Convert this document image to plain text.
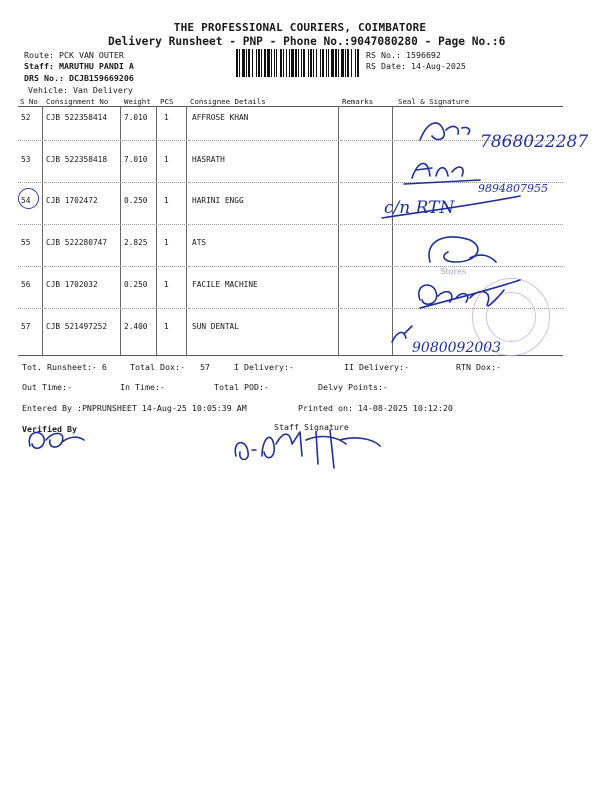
THE PROFESSIONAL COURIERS, COIMBATORE
Delivery Runsheet - PNP - Phone No.:9047080280 - Page No.:6
Route: PCK VAN OUTER
Staff: MARUTHU PANDI A
DRS No.: DCJB159669206
Vehicle: Van Delivery
RS No.: 1596692
RS Date: 14-Aug-2025
S No Consignment No Weight PCS Consignee Details	Remarks	Seal & Signature
52 CJB 522358414 7.010 1	AFFROSE KHAN
53 CJB 522358418 7.010 1	HASRATH
54 CJB 1702472	0.250 1	HARINI ENGG
55 CJB 522280747 2.825 1	ATS
56 CJB 1702032	0.250 1	FACILE MACHINE
57 CJB 521497252 2.400 1	SUN DENTAL
Tot. Runsheet:- 6	Total Dox:- 57	I Delivery:-	II Delivery:-	RTN Dox:-
Out Time:-	In Time:-	Total POD:-	Delvy Points:-
Entered By :PNPRUNSHEET 14-Aug-25 10:05:39 AM	Printed on: 14-08-2025 10:12:20
Verified By	Staff Signature
7868022287
9894807955
c/n RTN
Stores
9080092003
